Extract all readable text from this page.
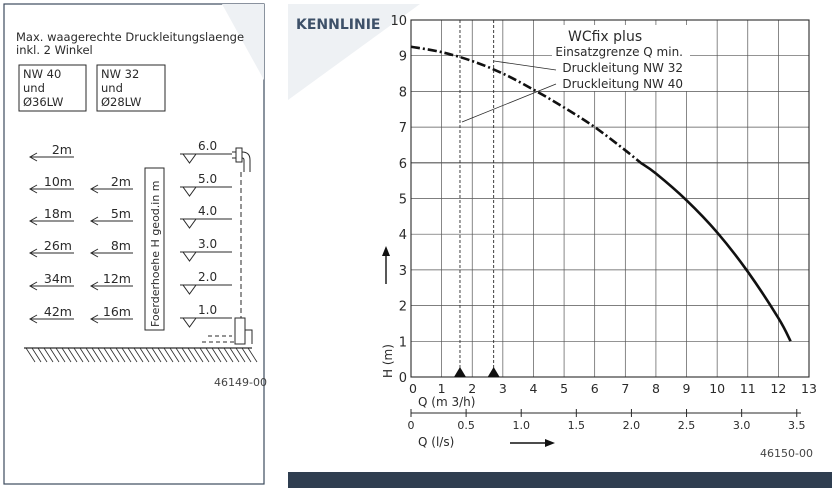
Max. waagerechte Druckleitungslaenge
inkl. 2 Winkel
NW 40
und
Ø36LW
NW 32
und
Ø28LW
2m
10m
18m
26m
34m
42m
2m
5m
8m
12m
16m
6.0
5.0
4.0
3.0
2.0
1.0
Foerderhoehe H geod.in m
46149-00
KENNLINIE
0
1
2
3
4
5
6
7
8
9
10
0 1 2 3 4 5 6 7 8 9 10 11 12 13
WCfix plus
Einsatzgrenze Q min.
Druckleitung NW 32
Druckleitung NW 40
H (m)
Q (m 3/h)
0	0.5	1.0	1.5	2.0	2.5	3.0	3.5
Q (l/s)
46150-00
